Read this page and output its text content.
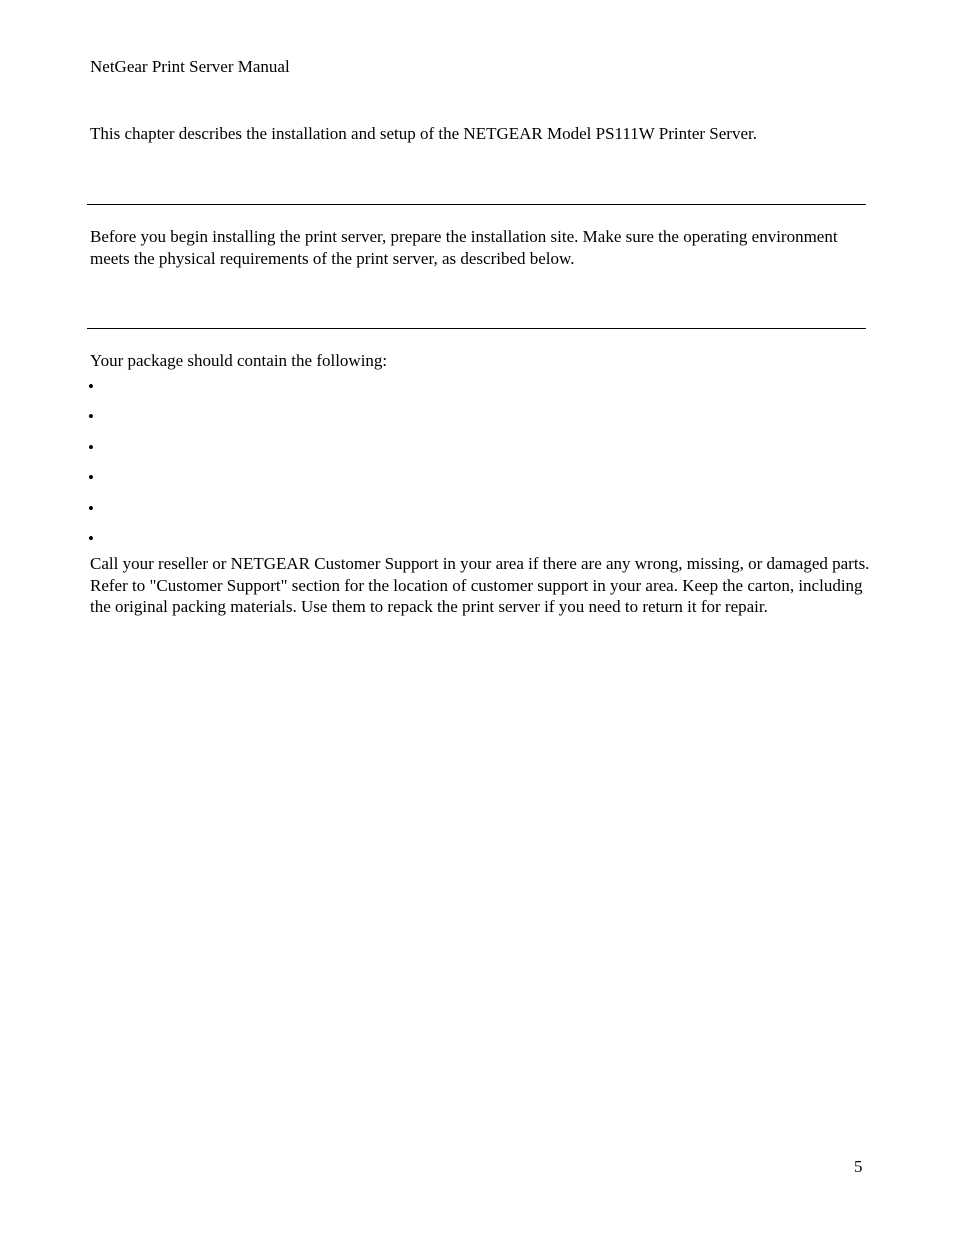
NetGear Print Server Manual

This chapter describes the installation and setup of the NETGEAR Model PS111W Printer Server.

Before you begin installing the print server, prepare the installation site. Make sure the operating environment meets the physical requirements of the print server, as described below.

Your package should contain the following:

•
•
•
•
•
•

Call your reseller or NETGEAR Customer Support in your area if there are any wrong, missing, or damaged parts. Refer to "Customer Support" section for the location of customer support in your area. Keep the carton, including the original packing materials. Use them to repack the print server if you need to return it for repair.

5
